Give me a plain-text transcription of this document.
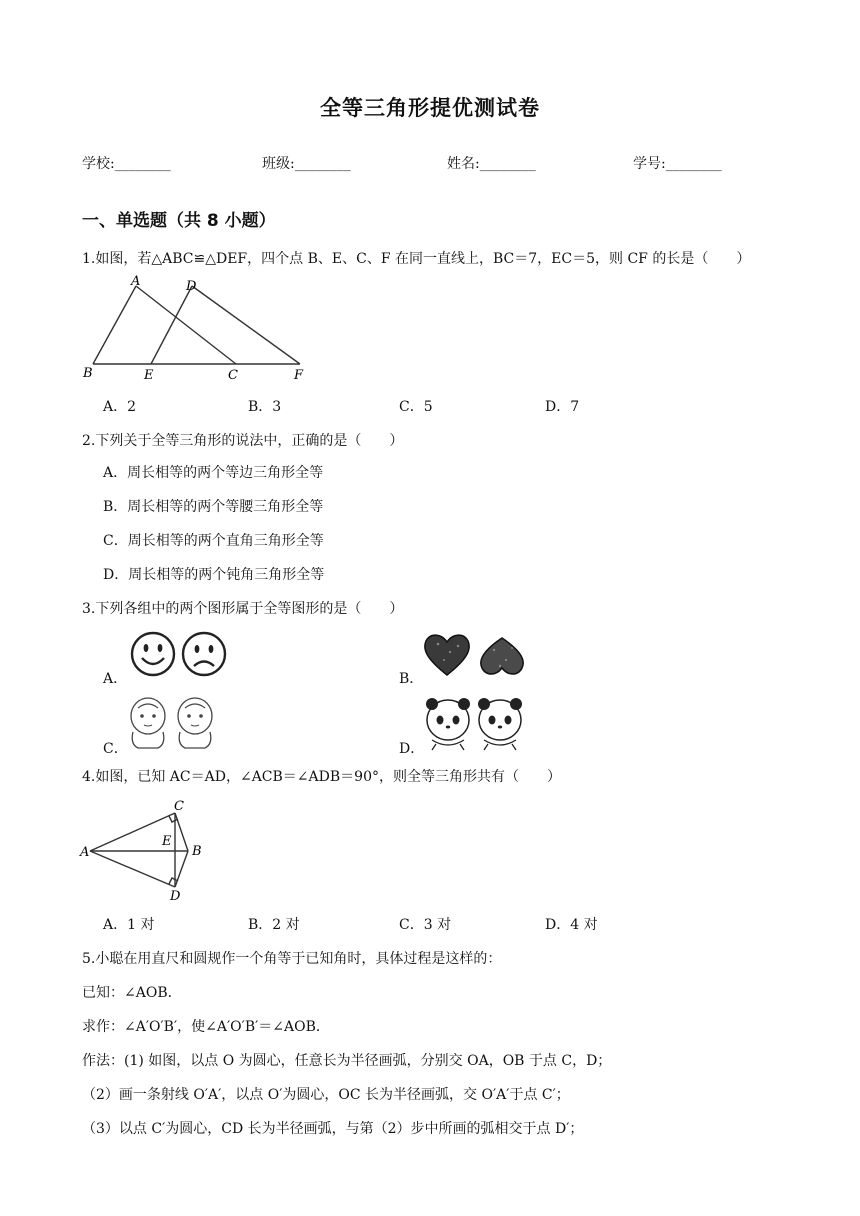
全等三角形提优测试卷
学校:________	班级:________	姓名:________	学号:________
一、单选题（共 8 小题）
1.如图，若△ABC≌△DEF，四个点 B、E、C、F 在同一直线上，BC＝7，EC＝5，则 CF 的长是（　　）
A	D
B	E	C	F
A．2	B．3	C．5	D．7
2.下列关于全等三角形的说法中，正确的是（　　）
A．周长相等的两个等边三角形全等
B．周长相等的两个等腰三角形全等
C．周长相等的两个直角三角形全等
D．周长相等的两个钝角三角形全等
3.下列各组中的两个图形属于全等图形的是（　　）
A．	B．
C．	D．
4.如图，已知 AC＝AD，∠ACB＝∠ADB＝90°，则全等三角形共有（　　）
C
E
A	B
D
A．1 对	B．2 对	C．3 对	D．4 对
5.小聪在用直尺和圆规作一个角等于已知角时，具体过程是这样的：
已知：∠AOB．
求作：∠A′O′B′，使∠A′O′B′＝∠AOB．
作法：(1) 如图，以点 O 为圆心，任意长为半径画弧，分别交 OA，OB 于点 C，D；
（2）画一条射线 O′A′，以点 O′为圆心，OC 长为半径画弧，交 O′A′于点 C′；
（3）以点 C′为圆心，CD 长为半径画弧，与第（2）步中所画的弧相交于点 D′；
